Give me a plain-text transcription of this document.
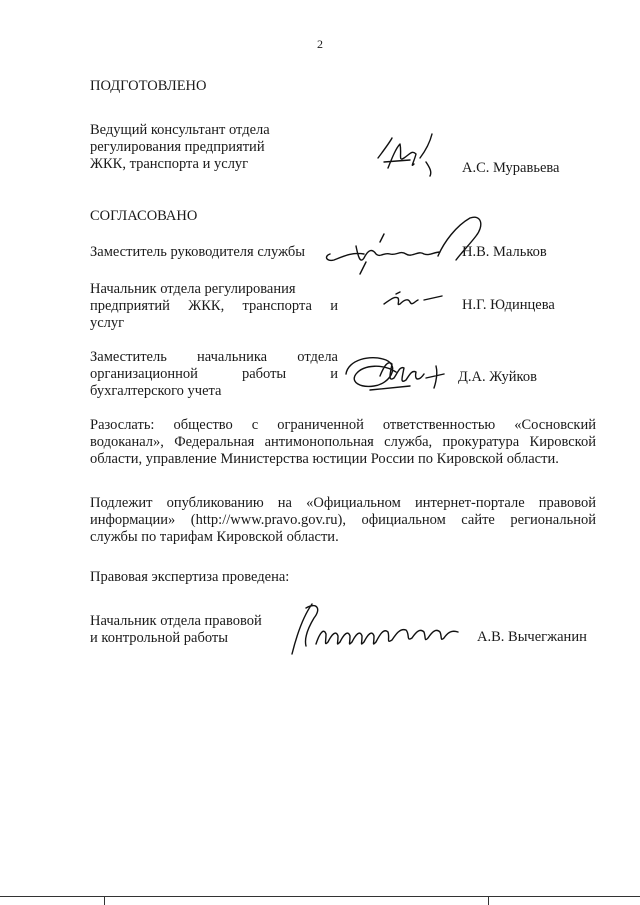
2
ПОДГОТОВЛЕНО
Ведущий консультант отдела
регулирования предприятий
ЖКК, транспорта и услуг	А.С. Муравьева
СОГЛАСОВАНО
Заместитель руководителя службы	Н.В. Мальков
Начальник отдела регулирования
предприятий ЖКК, транспорта и
услуг
Н.Г. Юдинцева
Заместитель начальника отдела
организационной работы и
бухгалтерского учета
Д.А. Жуйков
Разослать: общество с ограниченной ответственностью «Сосновский
водоканал», Федеральная антимонопольная служба, прокуратура Кировской
области, управление Министерства юстиции России по Кировской области.
Подлежит опубликованию на «Официальном интернет-портале правовой
информации» (http://www.pravo.gov.ru), официальном сайте региональной
службы по тарифам Кировской области.
Правовая экспертиза проведена:
Начальник отдела правовой
и контрольной работы	А.В. Вычегжанин
